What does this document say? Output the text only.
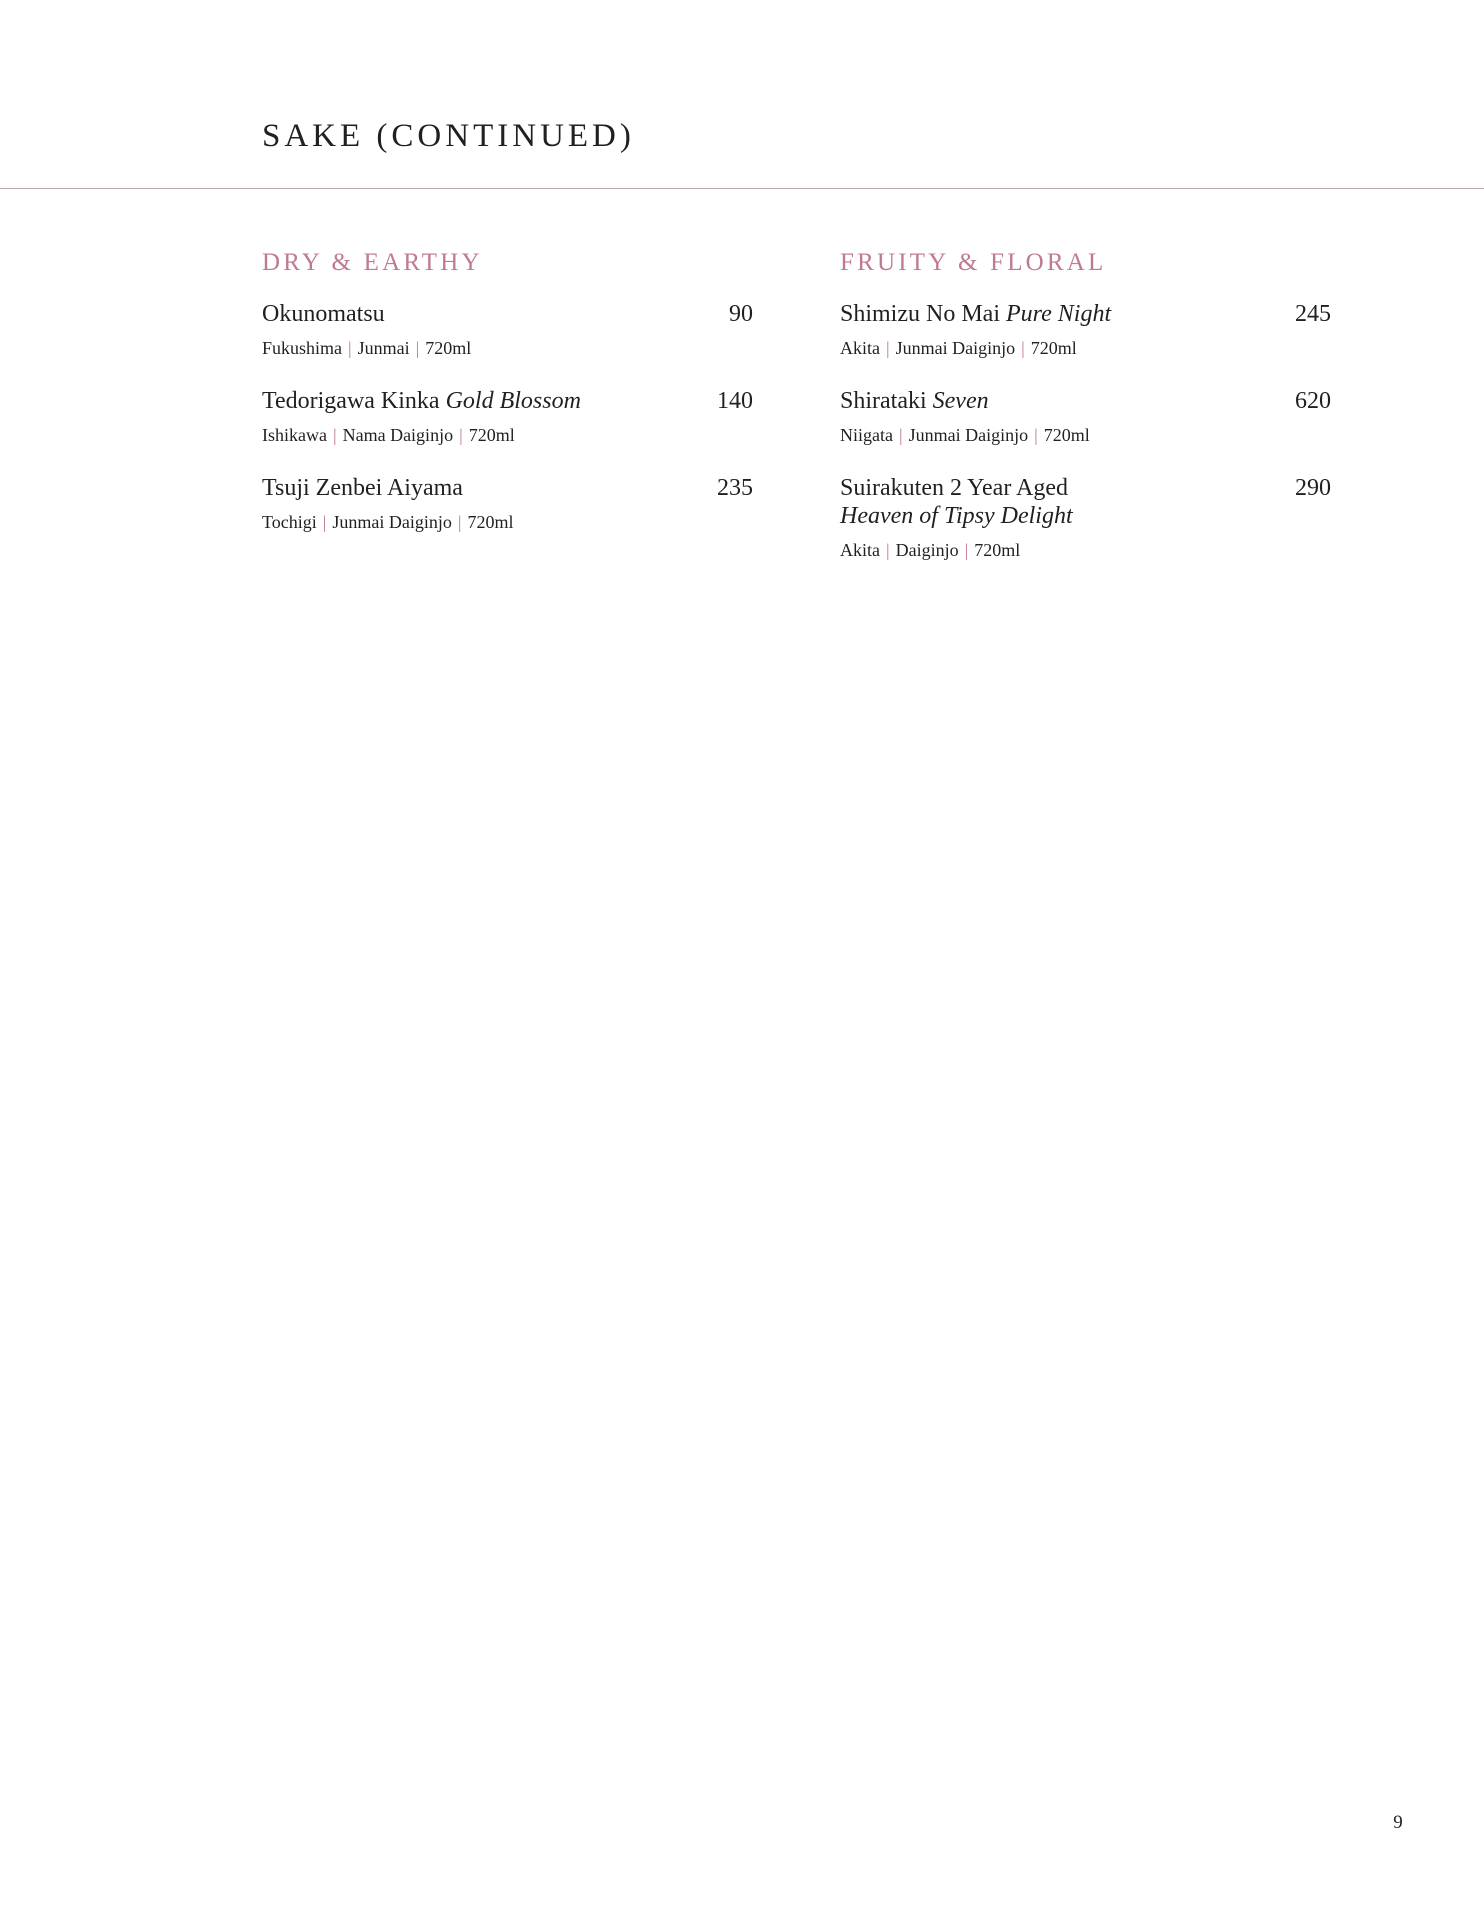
SAKE (CONTINUED)
DRY & EARTHY
Okunomatsu	90
Fukushima | Junmai | 720ml
Tedorigawa Kinka Gold Blossom	140
Ishikawa | Nama Daiginjo | 720ml
Tsuji Zenbei Aiyama	235
Tochigi | Junmai Daiginjo | 720ml
FRUITY & FLORAL
Shimizu No Mai Pure Night	245
Akita | Junmai Daiginjo | 720ml
Shirataki Seven	620
Niigata | Junmai Daiginjo | 720ml
Suirakuten 2 Year Aged
Heaven of Tipsy Delight
290
Akita | Daiginjo | 720ml
9
